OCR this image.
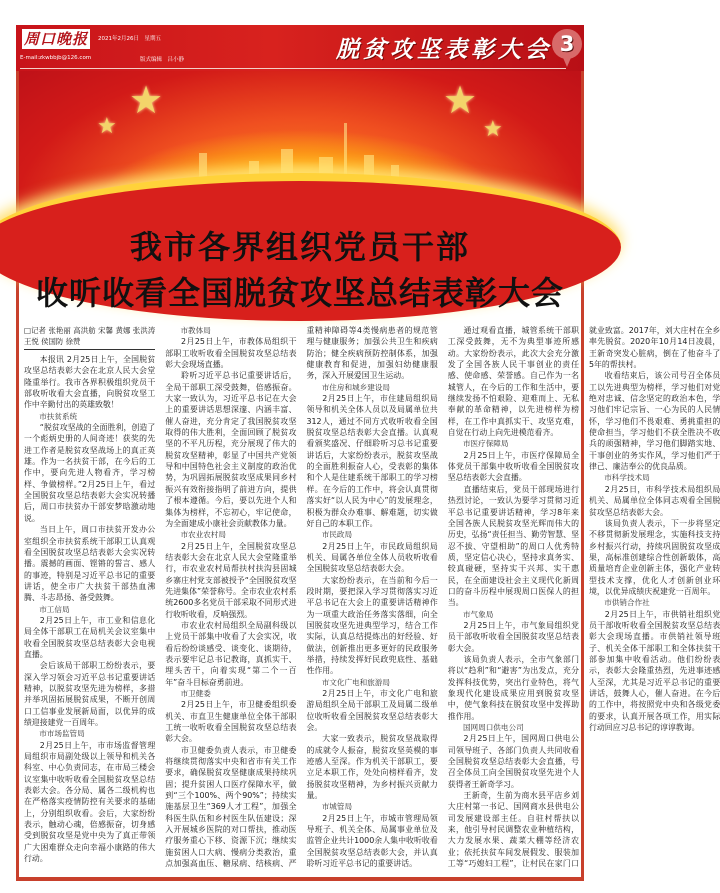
周口晚报	2021年2月26日　星期五
E-mail:zkwbbjb@126.com	版式编辑　吕小静	脱贫攻坚表彰大会 3
★
★
★
★
我市各界组织党员干部
收听收看全国脱贫攻坚总结表彰大会
□记者 张艳丽 高洪舫 宋馨 黄娜 张洪涛 王悦 侯国防 徐赞

本报讯 2月25日上午，全国脱贫攻坚总结表彰大会在北京人民大会堂隆重举行。我市各界积极组织党员干部收听收看大会直播，向脱贫攻坚工作中辛勤付出的英雄致敬！

市扶贫系统

“脱贫攻坚战的全面胜利，创造了一个彪炳史册的人间奇迹！获奖的先进工作者是脱贫攻坚战场上的真正英雄。作为一名扶贫干部，在今后的工作中，要向先进人物看齐，学习榜样、争做榜样。”2月25日上午，看过全国脱贫攻坚总结表彰大会实况转播后，周口市扶贫办干部安梦晗激动地说。

当日上午，周口市扶贫开发办公室组织全市扶贫系统干部职工认真观看全国脱贫攻坚总结表彰大会实况转播。震撼的画面、铿锵的誓言、感人的事迹，特别是习近平总书记的重要讲话，使全市广大扶贫干部热血沸腾、斗志昂扬、备受鼓舞。

市工信局

2月25日上午，市工业和信息化局全体干部职工在局机关会议室集中收看全国脱贫攻坚总结表彰大会电视直播。

会后该局干部职工纷纷表示，要深入学习领会习近平总书记重要讲话精神，以脱贫攻坚先进为榜样，多措并举巩固拓展脱贫成果，不断开创周口工信事业发展新局面，以优异的成绩迎接建党一百周年。

市市场监管局

2月25日上午，市市场监督管理局组织市局副处级以上领导和机关各科室、中心负责同志，在市局三楼会议室集中收听收看全国脱贫攻坚总结表彰大会。各分局、属各二级机构也在严格落实疫情防控有关要求的基础上，分别组织收看。会后，大家纷纷表示，触动心魂，倍感振奋，切身感受到脱贫攻坚是党中央为了真正带领广大困难群众走向幸福小康路的伟大行动。

市教体局

2月25日上午，市教体局组织干部职工收听收看全国脱贫攻坚总结表彰大会现场直播。

聆听习近平总书记重要讲话后，全局干部职工深受鼓舞，倍感振奋。大家一致认为，习近平总书记在大会上的重要讲话思想深邃、内涵丰富、催人奋进，充分肯定了我国脱贫攻坚取得的伟大胜利，全面回顾了脱贫攻坚的不平凡历程，充分展现了伟大的脱贫攻坚精神，彰显了中国共产党领导和中国特色社会主义制度的政治优势，为巩固拓展脱贫攻坚成果同乡村振兴有效衔接指明了前进方向，提供了根本遵循。今后，要以先进个人和集体为榜样，不忘初心，牢记使命，为全面建成小康社会贡献教体力量。

市农业农村局

2月25日上午，全国脱贫攻坚总结表彰大会在北京人民大会堂隆重举行，市农业农村局帮扶村扶沟县固城乡寨庄村党支部被授予“全国脱贫攻坚先进集体”荣誉称号。全市农业农村系统2600多名党员干部采取不同形式进行收听收看，反响强烈。

市农业农村局组织全局副科级以上党员干部集中收看了大会实况，收看后纷纷谈感受、谈变化、谈期待，表示要牢记总书记教诲，真抓实干、埋头苦干，向着实现“第二个一百年”奋斗目标奋勇前进。

市卫健委

2月25日上午，市卫健委组织委机关、市直卫生健康单位全体干部职工统一收听收看全国脱贫攻坚总结表彰大会。

市卫健委负责人表示，市卫健委将继续贯彻落实中央和省市有关工作要求，确保脱贫攻坚健康成果持续巩固；提升贫困人口医疗保障水平，做到“三个100%、两个90%”；持续实施基层卫生“369人才工程”，加强全科医生队伍和乡村医生队伍建设；深入开展城乡医院的对口帮扶，推动医疗服务重心下移、资源下沉；继续实施贫困人口大病、慢病分类救治，重点加强高血压、糖尿病、结核病、严重精神障碍等4类慢病患者的规范管理与健康服务；加强公共卫生和疾病防治；健全疾病预防控制体系，加强健康教育和促进，加强妇幼健康服务，深入开展爱国卫生运动。

市住房和城乡建设局

2月25日上午，市住建局组织局领导和机关全体人员以及局属单位共312人，通过不同方式收听收看全国脱贫攻坚总结表彰大会直播。认真观看颁奖盛况、仔细聆听习总书记重要讲话后，大家纷纷表示，脱贫攻坚战的全面胜利振奋人心，受表彰的集体和个人是住建系统干部职工的学习榜样。在今后的工作中，将会认真贯彻落实好“以人民为中心”的发展理念，积极为群众办难事、解难题，切实做好自己的本职工作。

市民政局

2月25日上午，市民政局组织局机关、局属各单位全体人员收听收看全国脱贫攻坚总结表彰大会。

大家纷纷表示，在当前和今后一段时期，要把深入学习贯彻落实习近平总书记在大会上的重要讲话精神作为一项重大政治任务落实落细，向全国脱贫攻坚先进典型学习，结合工作实际，认真总结提炼出的好经验、好做法，创新推出更多更好的民政服务举措，持续发挥好民政兜底性、基础性作用。

市文化广电和旅游局

2月25日上午，市文化广电和旅游局组织全局干部职工及局属二级单位收听收看全国脱贫攻坚总结表彰大会。

大家一致表示，脱贫攻坚战取得的成就令人振奋，脱贫攻坚英模的事迹感人至深。作为机关干部职工，要立足本职工作，处处向榜样看齐，发扬脱贫攻坚精神，为乡村振兴贡献力量。

市城管局

2月25日上午，市城市管理局领导班子、机关全体、局属事业单位及监管企业共计1000余人集中收听收看全国脱贫攻坚总结表彰大会，并认真聆听习近平总书记的重要讲话。

通过观看直播，城管系统干部职工深受鼓舞，无不为典型事迹所感动。大家纷纷表示，此次大会充分激发了全国各族人民干事创业的责任感、使命感、荣誉感。自己作为一名城管人，在今后的工作和生活中，要继续发扬不怕艰险、迎难而上、无私奉献的革命精神，以先进榜样为榜样，在工作中真抓实干、攻坚克难，自觉在行动上向先进模范看齐。

市医疗保障局

2月25日上午，市医疗保障局全体党员干部集中收听收看全国脱贫攻坚总结表彰大会直播。

直播结束后，党员干部现场进行热烈讨论，一致认为要学习贯彻习近平总书记重要讲话精神，学习8年来全国各族人民脱贫攻坚光辉而伟大的历史，弘扬“责任担当、勤劳智慧、坚忍不拔、守望相助”的周口人优秀特质，坚定信心决心，坚持求真务实、较真碰硬，坚持实干兴邦、实干惠民，在全面建设社会主义现代化新周口的奋斗历程中展现周口医保人的担当。

市气象局

2月25日上午，市气象局组织党员干部收听收看全国脱贫攻坚总结表彰大会。

该局负责人表示，全市气象部门将以“趋利”和“避害”为出发点，充分发挥科技优势，突出行业特色，将气象现代化建设成果应用到脱贫攻坚中，使气象科技在脱贫攻坚中发挥助推作用。

国网周口供电公司

2月25日上午，国网周口供电公司领导班子、各部门负责人共同收看全国脱贫攻坚总结表彰大会直播，号召全体员工向全国脱贫攻坚先进个人获得者王新奇学习。

王新奇，生前为商水县平店乡刘大庄村第一书记、国网商水县供电公司发展建设部主任。自驻村帮扶以来，他引导村民调整农业种植结构，大力发展水果、蔬菜大棚等经济农业；依托扶贫车间发展假发、服装加工等“巧媳妇工程”，让村民在家门口就业致富。2017年，刘大庄村在全乡率先脱贫。2020年10月14日凌晨，王新奇突发心脏病，倒在了他奋斗了5年的帮扶村。

收看结束后，该公司号召全体员工以先进典型为榜样，学习他们对党绝对忠诚、信念坚定的政治本色，学习他们牢记宗旨、一心为民的人民情怀，学习他们不畏艰难、勇挑重担的使命担当，学习他们不获全胜决不收兵的顽强精神，学习他们脚踏实地、干事创业的务实作风，学习他们严于律己、廉洁奉公的优良品质。

市科学技术局

2月25日，市科学技术局组织局机关、局属单位全体同志观看全国脱贫攻坚总结表彰大会。

该局负责人表示，下一步将坚定不移贯彻新发展理念，实施科技支持乡村振兴行动，持续巩固脱贫攻坚成果，高标准创建综合性创新载体，高质量培育企业创新主体，强化产业转型技术支撑，优化人才创新创业环境，以优异成绩庆祝建党一百周年。

市供销合作社

2月25日上午，市供销社组织党员干部收听收看全国脱贫攻坚总结表彰大会现场直播。市供销社领导班子、机关全体干部职工和全体扶贫干部参加集中收看活动。他们纷纷表示，表彰大会隆重热烈，先进事迹感人至深，尤其是习近平总书记的重要讲话，鼓舞人心，催人奋进。在今后的工作中，将按照党中央和各级党委的要求，认真开展各项工作，用实际行动回应习总书记的谆谆教诲。
